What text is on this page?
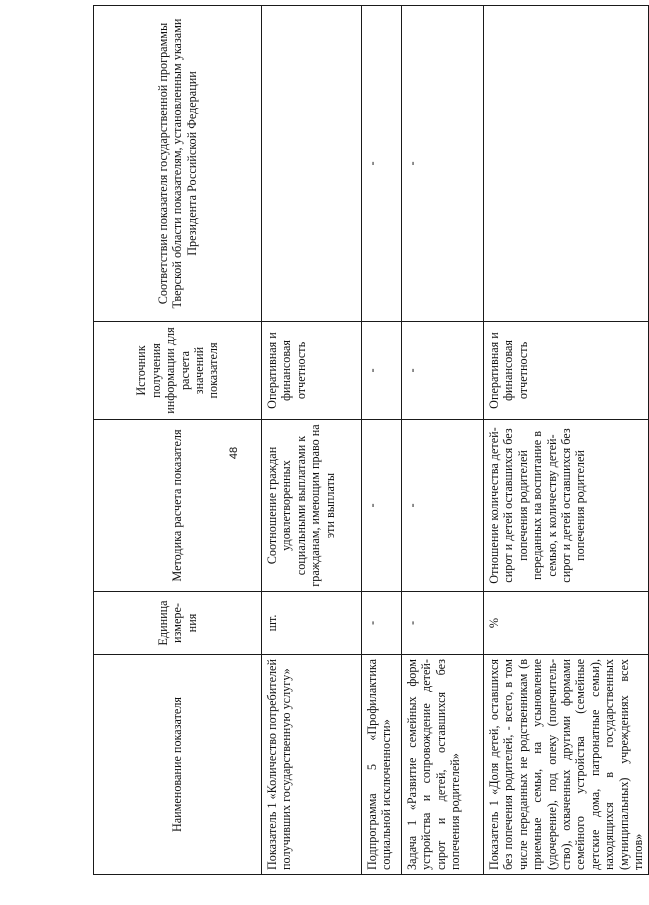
48
Наименование показателя	Единица измере-ния	Методика расчета показателя	Источник получения информации для расчета значений показателя	Соответствие показателя государственной программы Тверской области показателям, установленным указами Президента Российской Федерации
Показатель 1 «Количество потребителей получивших государственную услугу»	шт.	Соотношение граждан удовлетворенных социальными выплатами к гражданам, имеющим право на эти выплаты	Оперативная и финансовая отчетность	
Подпрограмма 5 «Профилактика социальной исключенности»	-	-	-	-
Задача 1 «Развитие семейных форм устройства и сопровождение детей-сирот и детей, оставшихся без попечения родителей»	-	-	-	-
Показатель 1 «Доля детей, оставшихся без попечения родителей, - всего, в том числе переданных не родственникам (в приемные семьи, на усыновление (удочерение), под опеку (попечитель-ство), охваченных другими формами семейного устройства (семейные детские дома, патронатные семьи), находящихся в государственных (муниципальных) учреждениях всех типов»	%	Отношение количества детей-сирот и детей оставшихся без попечения родителей переданных на воспитание в семью, к количеству детей-сирот и детей оставшихся без попечения родителей	Оперативная и финансовая отчетность	
